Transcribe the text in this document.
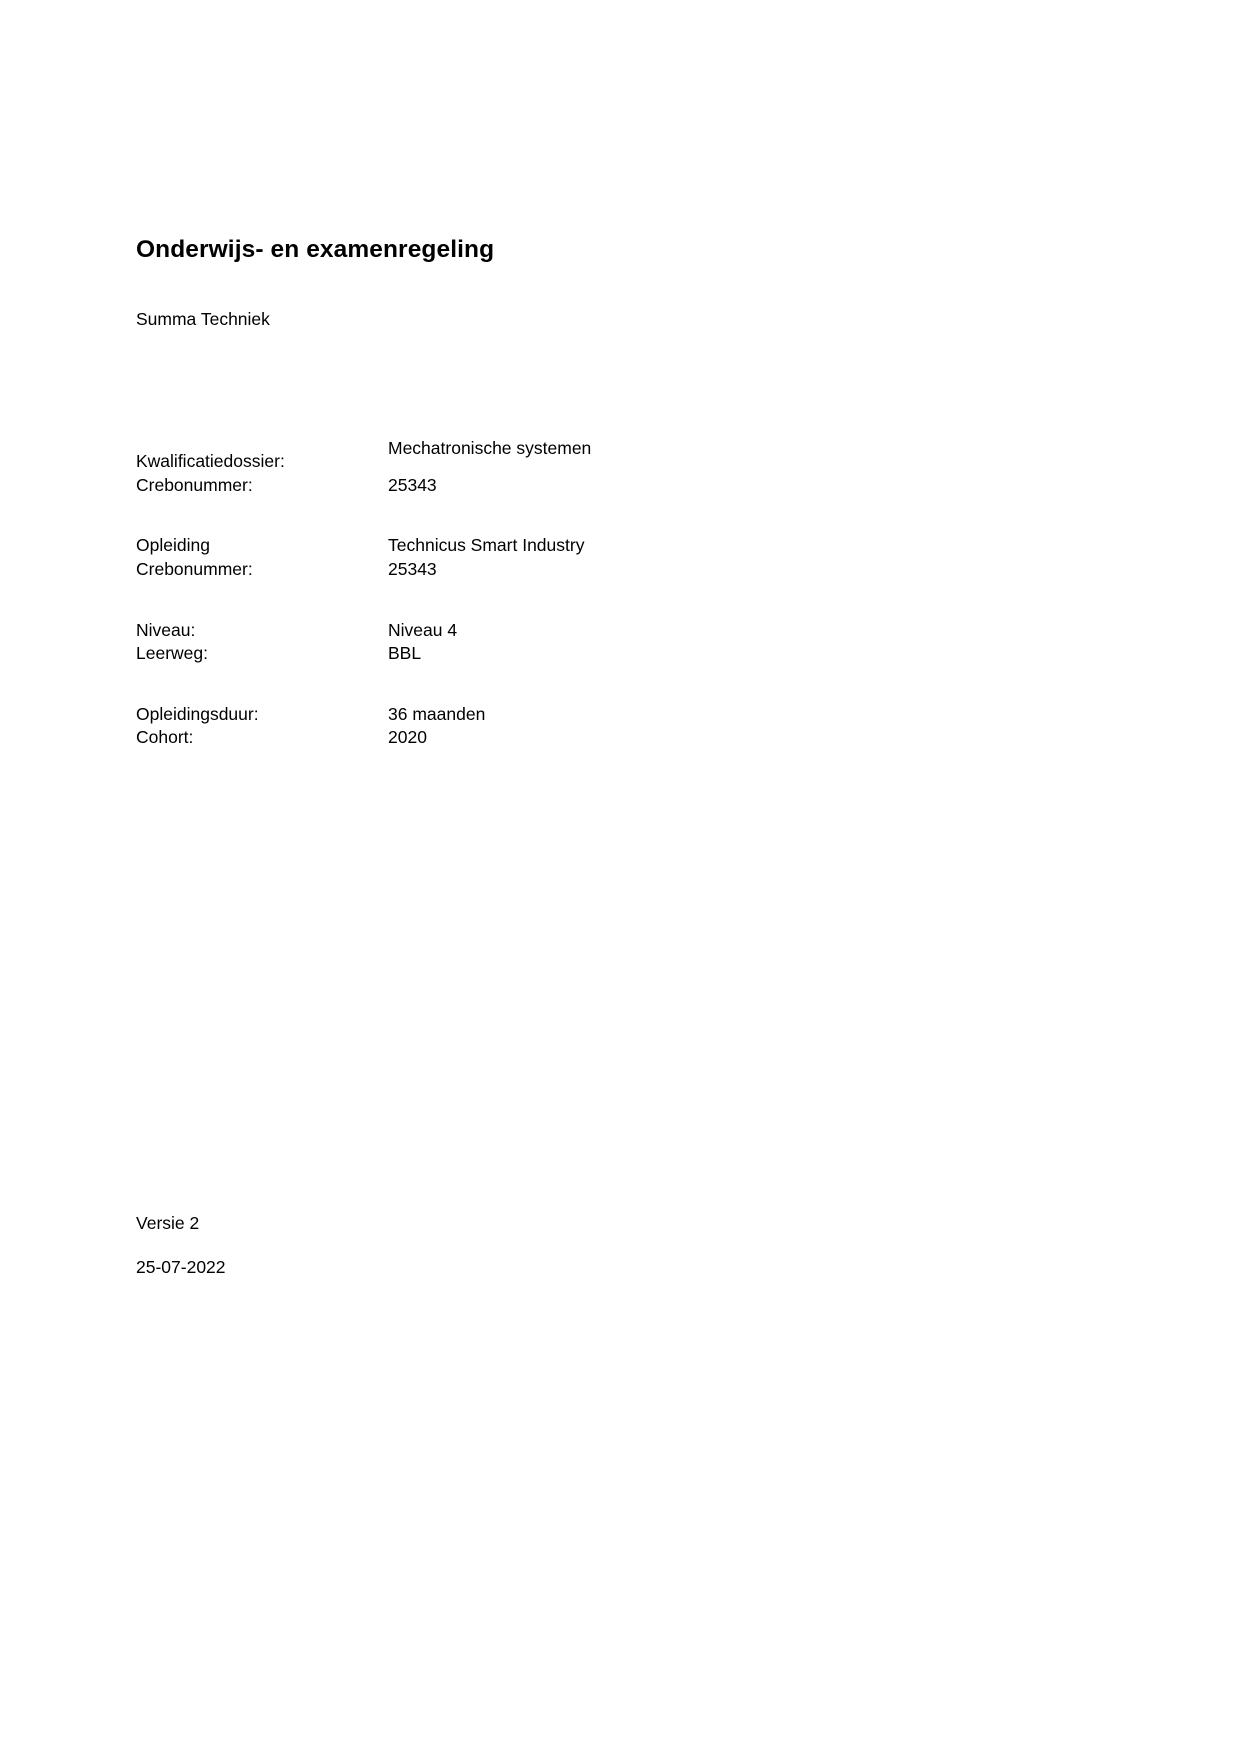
Onderwijs- en examenregeling
Summa Techniek
Kwalificatiedossier:
Mechatronische systemen
Crebonummer:	25343
Opleiding	Technicus Smart Industry
Crebonummer:	25343
Niveau:	Niveau 4
Leerweg:	BBL
Opleidingsduur:	36 maanden
Cohort:	2020
Versie 2
25-07-2022
